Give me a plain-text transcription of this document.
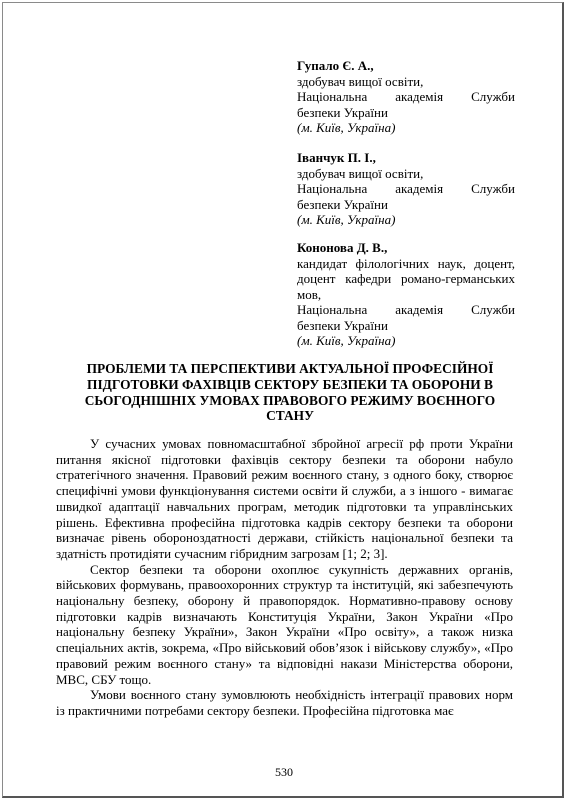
Гупало Є. А.,
здобувач вищої освіти,
Національна академія Служби
безпеки України
(м. Київ, Україна)
Іванчук П. І.,
здобувач вищої освіти,
Національна академія Служби
безпеки України
(м. Київ, Україна)
Кононова Д. В.,
кандидат філологічних наук, доцент,
доцент кафедри романо-германських
мов,
Національна академія Служби
безпеки України
(м. Київ, Україна)
ПРОБЛЕМИ ТА ПЕРСПЕКТИВИ АКТУАЛЬНОЇ ПРОФЕСІЙНОЇ ПІДГОТОВКИ ФАХІВЦІВ СЕКТОРУ БЕЗПЕКИ ТА ОБОРОНИ В СЬОГОДНІШНІХ УМОВАХ ПРАВОВОГО РЕЖИМУ ВОЄННОГО СТАНУ

У сучасних умовах повномасштабної збройної агресії рф проти України питання якісної підготовки фахівців сектору безпеки та оборони набуло стратегічного значення. Правовий режим воєнного стану, з одного боку, створює специфічні умови функціонування системи освіти й служби, а з іншого - вимагає швидкої адаптації навчальних програм, методик підготовки та управлінських рішень. Ефективна професійна підготовка кадрів сектору безпеки та оборони визначає рівень обороноздатності держави, стійкість національної безпеки та здатність протидіяти сучасним гібридним загрозам [1; 2; 3].

Сектор безпеки та оборони охоплює сукупність державних органів, військових формувань, правоохоронних структур та інституцій, які забезпечують національну безпеку, оборону й правопорядок. Нормативно-правову основу підготовки кадрів визначають Конституція України, Закон України «Про національну безпеку України», Закон України «Про освіту», а також низка спеціальних актів, зокрема, «Про військовий обов’язок і військову службу», «Про правовий режим воєнного стану» та відповідні накази Міністерства оборони, МВС, СБУ тощо.

Умови воєнного стану зумовлюють необхідність інтеграції правових норм із практичними потребами сектору безпеки. Професійна підготовка має

530
